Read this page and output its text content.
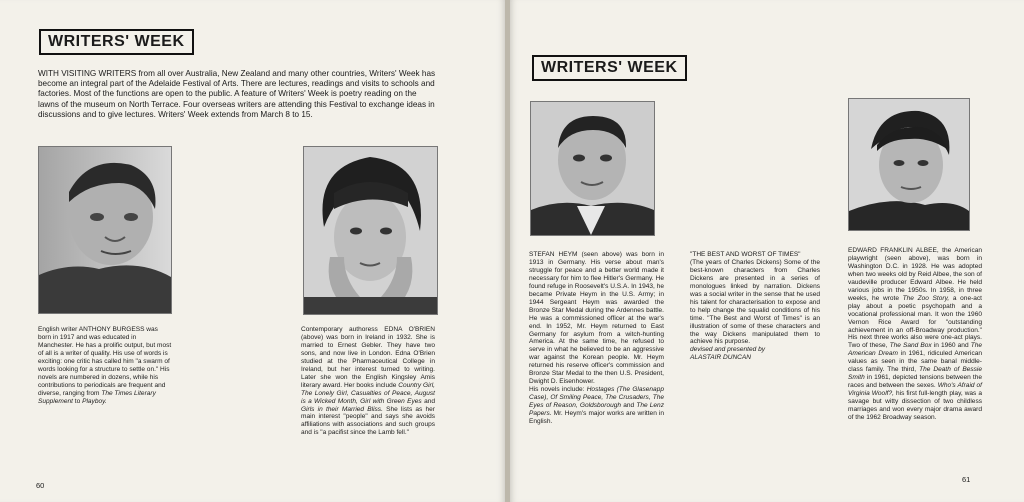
WRITERS' WEEK

WITH VISITING WRITERS from all over Australia, New Zealand and many other countries, Writers' Week has become an integral part of the Adelaide Festival of Arts. There are lectures, readings and visits to schools and factories. Most of the functions are open to the public. A feature of Writers' Week is poetry reading on the lawns of the museum on North Terrace. Four overseas writers are attending this Festival to exchange ideas in discussions and to give lectures. Writers' Week extends from March 8 to 15.

English writer ANTHONY BURGESS was born in 1917 and was educated in Manchester. He has a prolific output, but most of all is a writer of quality. His use of words is exciting: one critic has called him "a swarm of words looking for a structure to settle on." His novels are numbered in dozens, while his contributions to periodicals are frequent and diverse, ranging from The Times Literary Supplement to Playboy.

Contemporary authoress EDNA O'BRIEN (above) was born in Ireland in 1932. She is married to Ernest Gebler. They have two sons, and now live in London. Edna O'Brien studied at the Pharmaceutical College in Ireland, but her interest turned to writing. Later she won the English Kingsley Amis literary award. Her books include Country Girl, The Lonely Girl, Casualties of Peace, August is a Wicked Month, Girl with Green Eyes and Girls in their Married Bliss. She lists as her main interest "people" and says she avoids affiliations with associations and such groups and is "a pacifist since the Lamb fell."

60
WRITERS' WEEK

STEFAN HEYM (seen above) was born in 1913 in Germany. His verse about man's struggle for peace and a better world made it necessary for him to flee Hitler's Germany. He found refuge in Roosevelt's U.S.A. In 1943, he became Private Heym in the U.S. Army; in 1944 Sergeant Heym was awarded the Bronze Star Medal during the Ardennes battle. He was a commissioned officer at the war's end. In 1952, Mr. Heym returned to East Germany for asylum from a witch-hunting America. At the same time, he refused to serve in what he believed to be an aggressive war against the Korean people. Mr. Heym returned his reserve officer's commission and Bronze Star Medal to the then U.S. President, Dwight D. Eisenhower.

His novels include: Hostages (The Glasenapp Case), Of Smiling Peace, The Crusaders, The Eyes of Reason, Goldsborough and The Lenz Papers. Mr. Heym's major works are written in English.

"THE BEST AND WORST OF TIMES"

(The years of Charles Dickens) Some of the best-known characters from Charles Dickens are presented in a series of monologues linked by narration. Dickens was a social writer in the sense that he used his talent for characterisation to expose and to help change the squalid conditions of his time. "The Best and Worst of Times" is an illustration of some of these characters and the way Dickens manipulated them to achieve his purpose.

devised and presented by

ALASTAIR DUNCAN

EDWARD FRANKLIN ALBEE, the American playwright (seen above), was born in Washington D.C. in 1928. He was adopted when two weeks old by Reid Albee, the son of vaudeville producer Edward Albee. He held various jobs in the 1950s. In 1958, in three weeks, he wrote The Zoo Story, a one-act play about a poetic psychopath and a vocational professional man. It won the 1960 Vernon Rice Award for "outstanding achievement in an off-Broadway production." His next three works also were one-act plays. Two of these, The Sand Box in 1960 and The American Dream in 1961, ridiculed American values as seen in the same banal middle-class family. The third, The Death of Bessie Smith in 1961, depicted tensions between the races and between the sexes. Who's Afraid of Virginia Woolf?, his first full-length play, was a savage but witty dissection of two childless marriages and won every major drama award of the 1962 Broadway season.

61
